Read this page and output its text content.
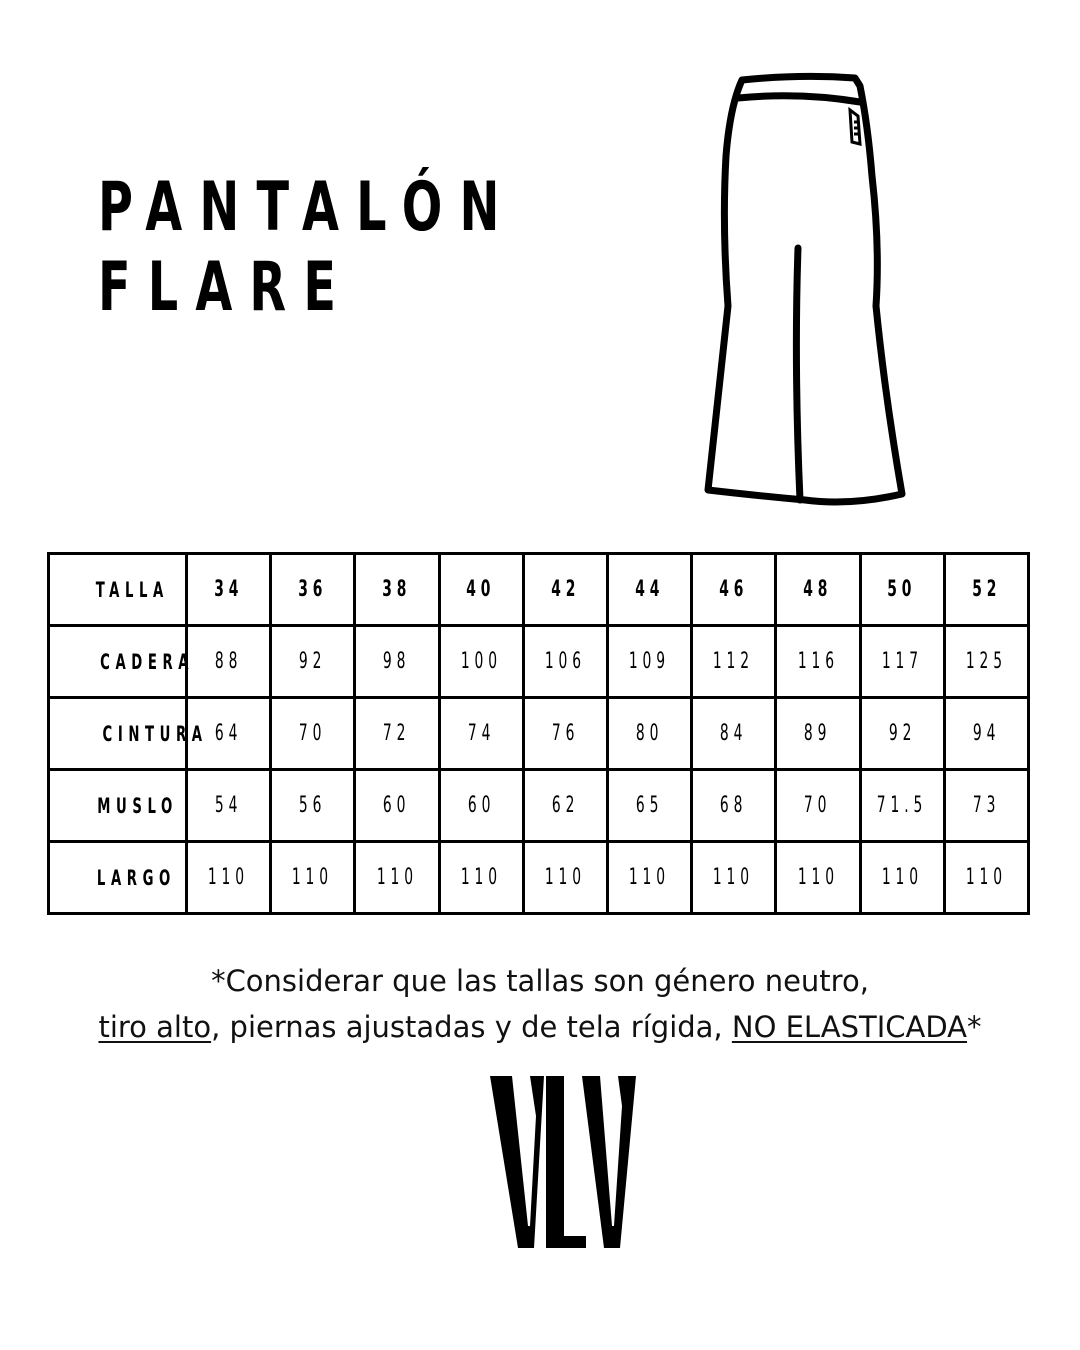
PANTALÓN
FLARE
TALLA	34	36	38	40	42	44	46	48	50	52
CADERA	88	92	98	100	106	109	112	116	117	125
CINTURA	64	70	72	74	76	80	84	89	92	94
MUSLO	54	56	60	60	62	65	68	70	71.5	73
LARGO	110	110	110	110	110	110	110	110	110	110
*Considerar que las tallas son género neutro,
tiro alto, piernas ajustadas y de tela rígida, NO ELASTICADA*
